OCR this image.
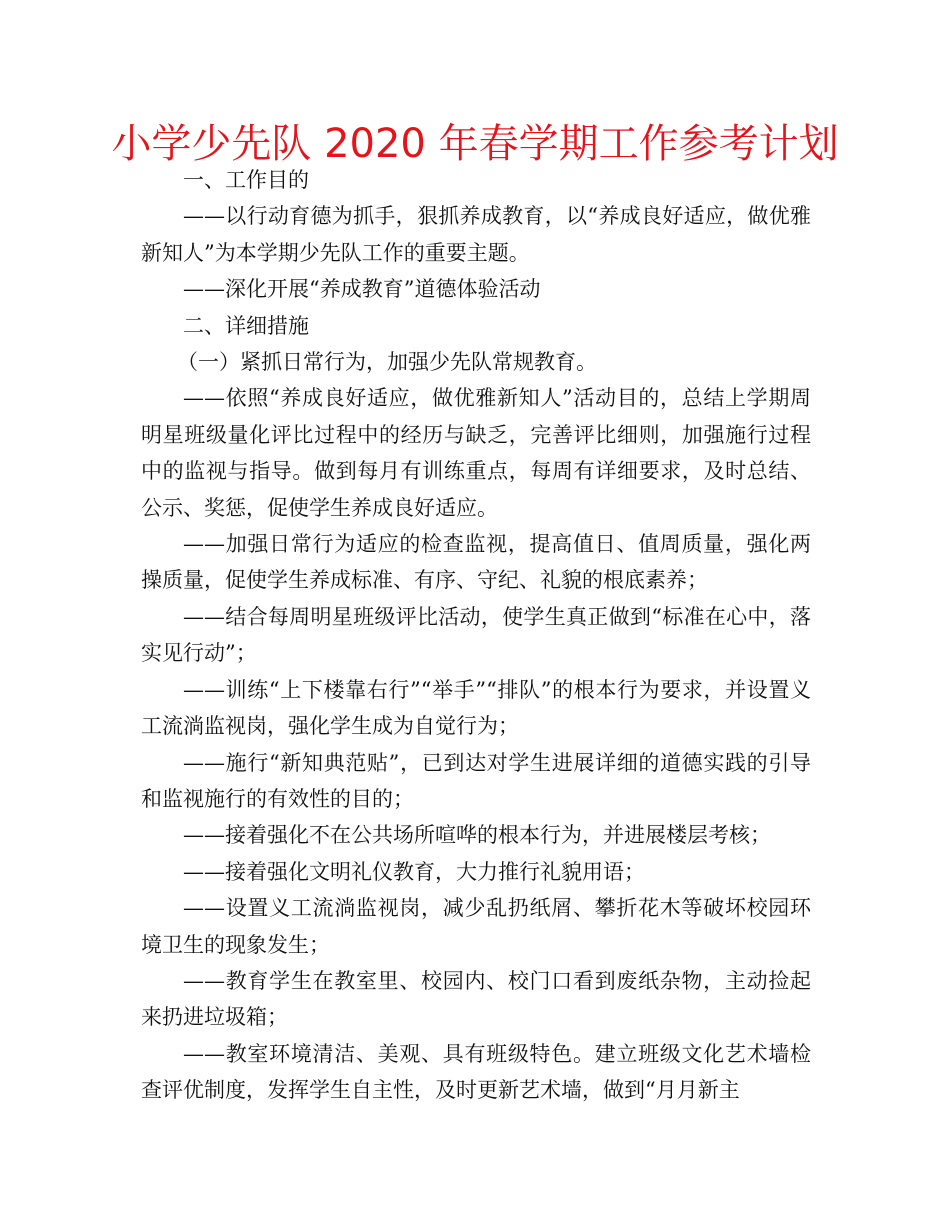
小学少先队 2020 年春学期工作参考计划

一、工作目的

——以行动育德为抓手，狠抓养成教育，以“养成良好适应，做优雅新知人”为本学期少先队工作的重要主题。

——深化开展“养成教育”道德体验活动

二、详细措施

（一）紧抓日常行为，加强少先队常规教育。

——依照“养成良好适应，做优雅新知人”活动目的，总结上学期周明星班级量化评比过程中的经历与缺乏，完善评比细则，加强施行过程中的监视与指导。做到每月有训练重点，每周有详细要求，及时总结、公示、奖惩，促使学生养成良好适应。

——加强日常行为适应的检查监视，提高值日、值周质量，强化两操质量，促使学生养成标准、有序、守纪、礼貌的根底素养；

——结合每周明星班级评比活动，使学生真正做到“标准在心中，落实见行动”；

——训练“上下楼靠右行”“举手”“排队”的根本行为要求，并设置义工流淌监视岗，强化学生成为自觉行为；

——施行“新知典范贴”，已到达对学生进展详细的道德实践的引导和监视施行的有效性的目的；

——接着强化不在公共场所喧哗的根本行为，并进展楼层考核；

——接着强化文明礼仪教育，大力推行礼貌用语；

——设置义工流淌监视岗，减少乱扔纸屑、攀折花木等破坏校园环境卫生的现象发生；

——教育学生在教室里、校园内、校门口看到废纸杂物，主动捡起来扔进垃圾箱；

——教室环境清洁、美观、具有班级特色。建立班级文化艺术墙检查评优制度，发挥学生自主性，及时更新艺术墙，做到“月月新主
